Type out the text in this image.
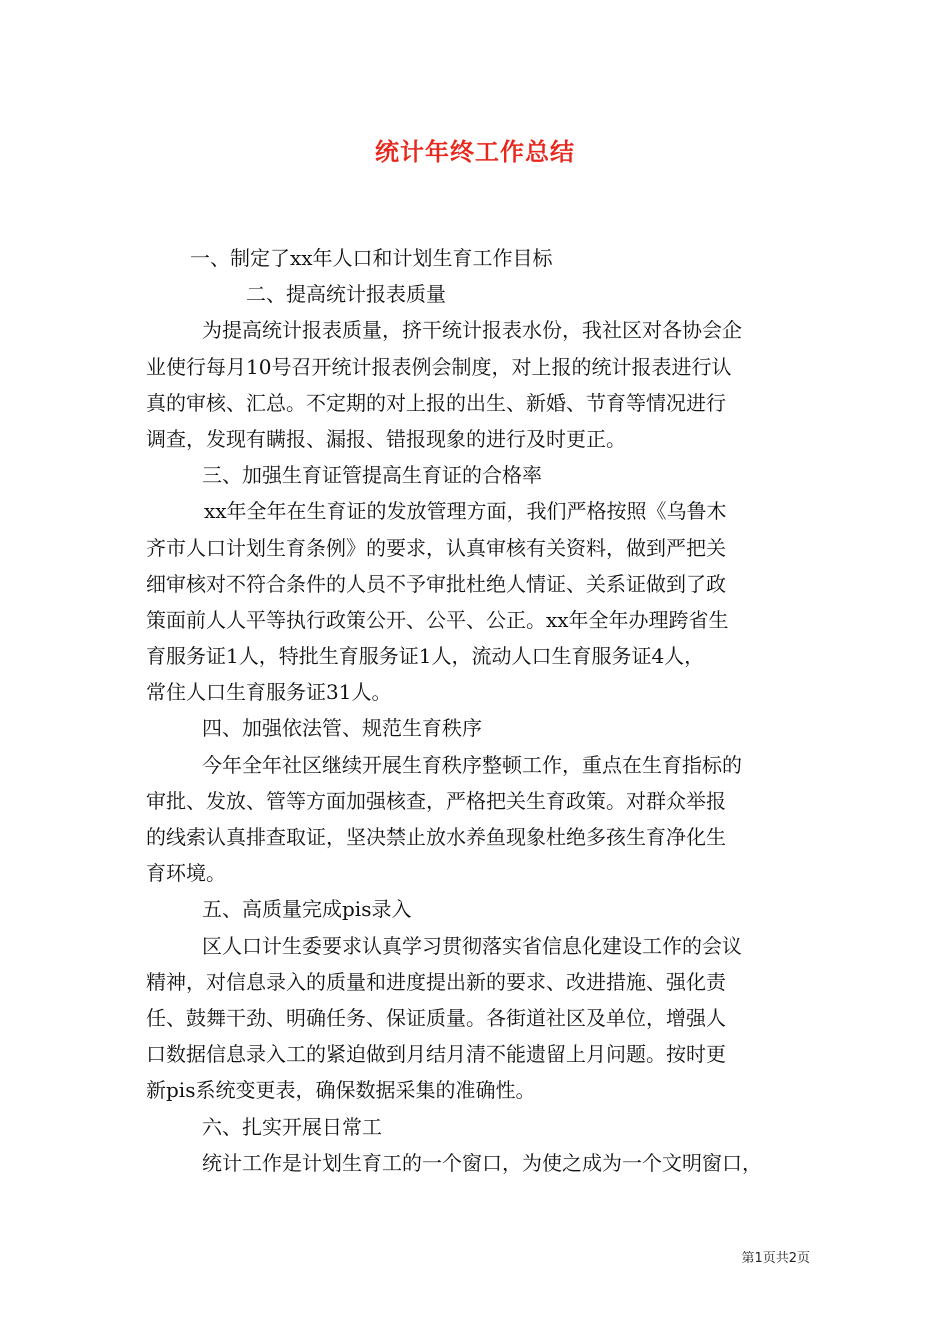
统计年终工作总结
一、制定了xx年人口和计划生育工作目标
二、提高统计报表质量
为提高统计报表质量，挤干统计报表水份，我社区对各协会企
业使行每月10号召开统计报表例会制度，对上报的统计报表进行认
真的审核、汇总。不定期的对上报的出生、新婚、节育等情况进行
调查，发现有瞒报、漏报、错报现象的进行及时更正。
三、加强生育证管提高生育证的合格率
xx年全年在生育证的发放管理方面，我们严格按照《乌鲁木
齐市人口计划生育条例》的要求，认真审核有关资料，做到严把关
细审核对不符合条件的人员不予审批杜绝人情证、关系证做到了政
策面前人人平等执行政策公开、公平、公正。xx年全年办理跨省生
育服务证1人，特批生育服务证1人，流动人口生育服务证4人，
常住人口生育服务证31人。
四、加强依法管、规范生育秩序
今年全年社区继续开展生育秩序整顿工作，重点在生育指标的
审批、发放、管等方面加强核查，严格把关生育政策。对群众举报
的线索认真排查取证，坚决禁止放水养鱼现象杜绝多孩生育净化生
育环境。
五、高质量完成pis录入
区人口计生委要求认真学习贯彻落实省信息化建设工作的会议
精神，对信息录入的质量和进度提出新的要求、改进措施、强化责
任、鼓舞干劲、明确任务、保证质量。各街道社区及单位，增强人
口数据信息录入工的紧迫做到月结月清不能遗留上月问题。按时更
新pis系统变更表，确保数据采集的准确性。
六、扎实开展日常工
统计工作是计划生育工的一个窗口，为使之成为一个文明窗口，
第1页共2页
